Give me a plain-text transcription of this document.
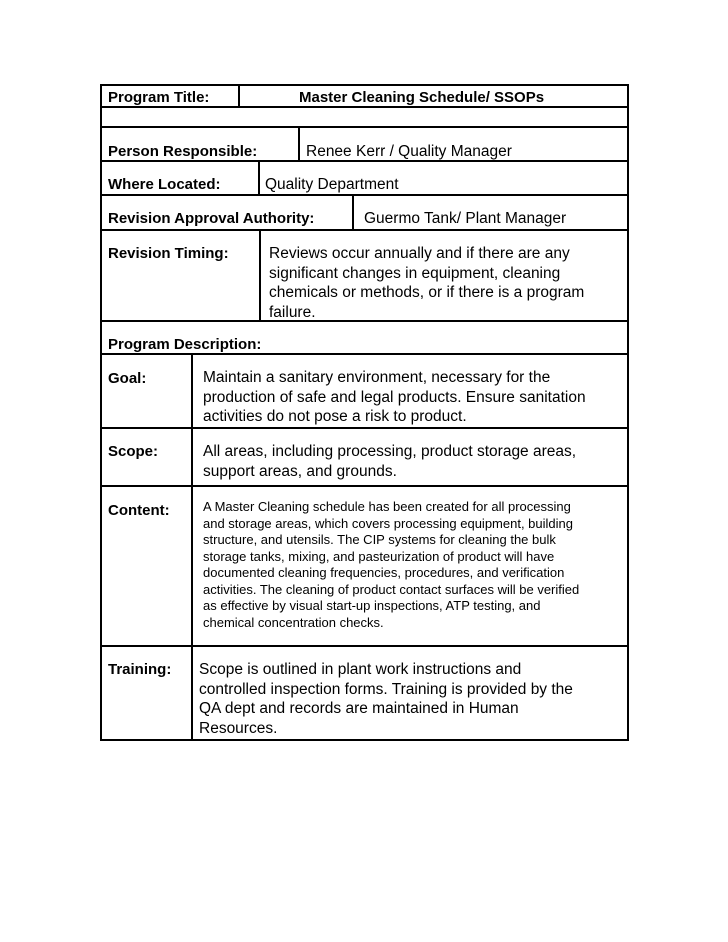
Program Title:	Master Cleaning Schedule/ SSOPs
Person Responsible:	Renee Kerr / Quality Manager
Where Located:	Quality Department
Revision Approval Authority:	Guermo Tank/ Plant Manager
Revision Timing:	Reviews occur annually and if there are any
significant changes in equipment, cleaning
chemicals or methods, or if there is a program
failure.
Program Description:
Goal:	Maintain a sanitary environment, necessary for the
production of safe and legal products. Ensure sanitation
activities do not pose a risk to product.
Scope:	All areas, including processing, product storage areas,
support areas, and grounds.
Content:	A Master Cleaning schedule has been created for all processing
and storage areas, which covers processing equipment, building
structure, and utensils. The CIP systems for cleaning the bulk
storage tanks, mixing, and pasteurization of product will have
documented cleaning frequencies, procedures, and verification
activities. The cleaning of product contact surfaces will be verified
as effective by visual start-up inspections, ATP testing, and
chemical concentration checks.
Training: Scope is outlined in plant work instructions and
controlled inspection forms. Training is provided by the
QA dept and records are maintained in Human
Resources.
